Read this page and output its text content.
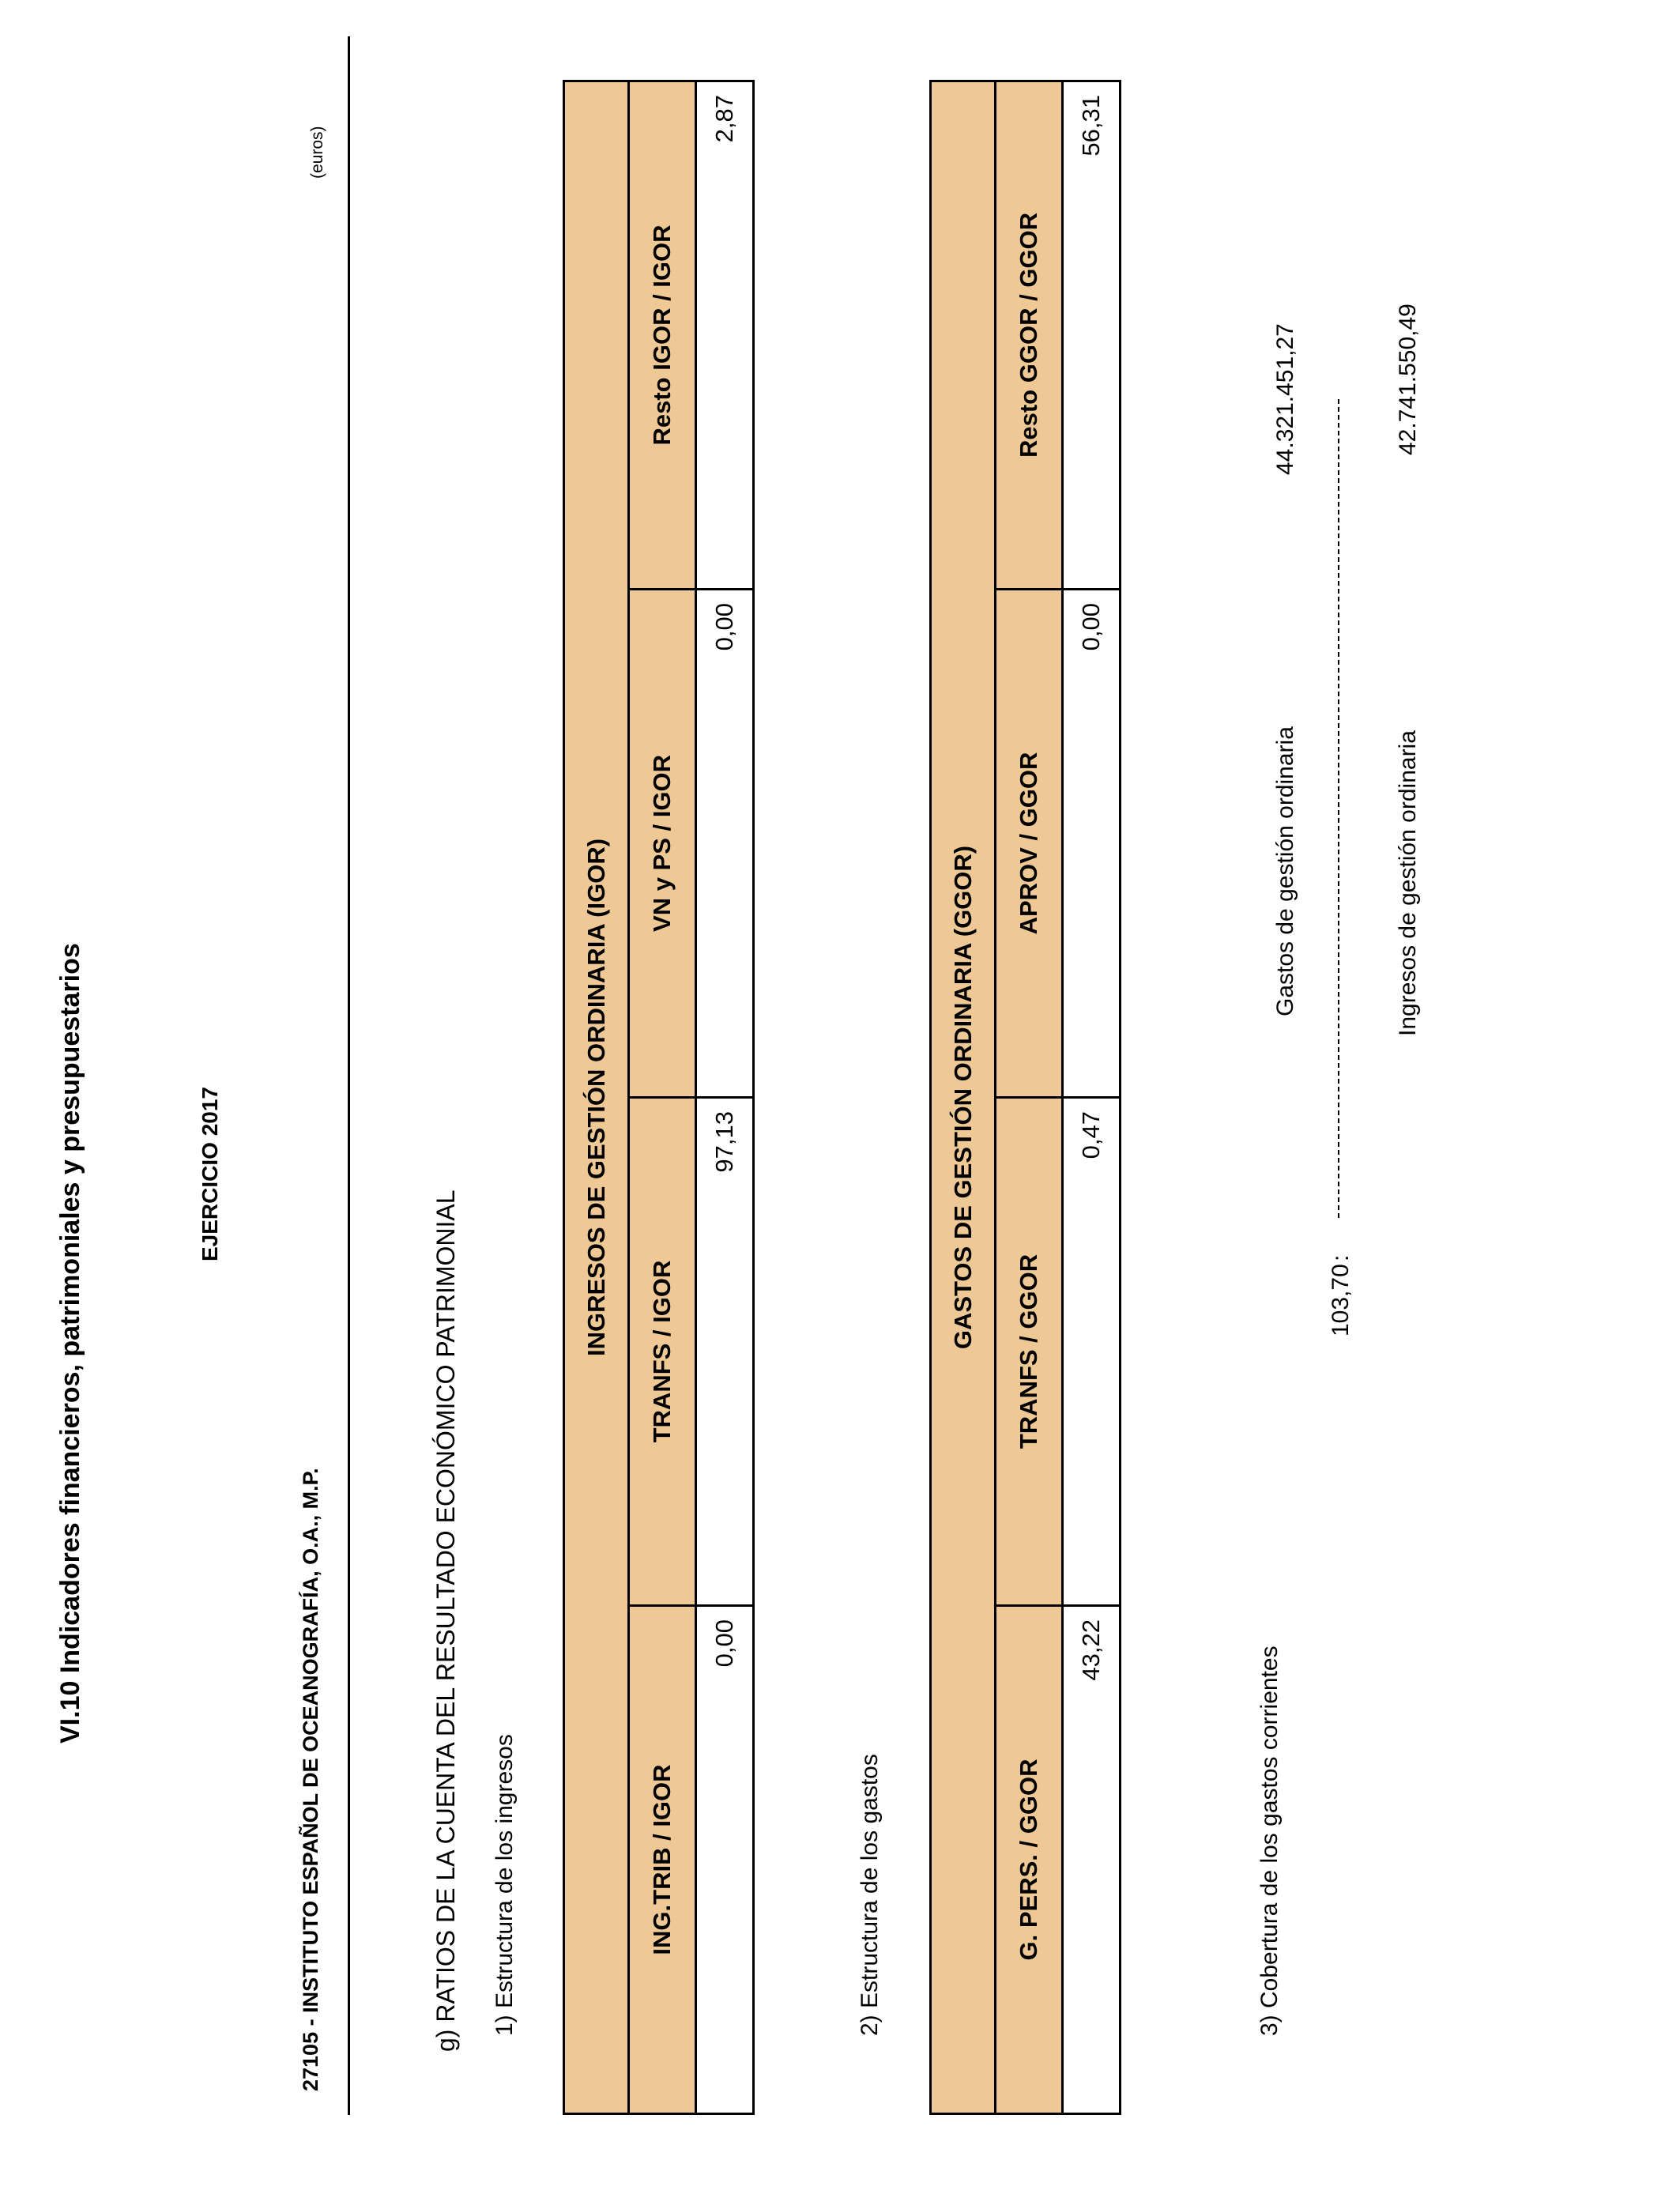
VI.10 Indicadores financieros, patrimoniales y presupuestarios	EJERCICIO 2017
27105 - INSTITUTO ESPAÑOL DE OCEANOGRAFÍA, O.A., M.P.
(euros)
g) RATIOS DE LA CUENTA DEL RESULTADO ECONÓMICO PATRIMONIAL 1) Estructura de los ingresos
INGRESOS DE GESTIÓN ORDINARIA (IGOR)			
ING.TRIB / IGOR	TRANFS / IGOR	VN y PS / IGOR	Resto IGOR / IGOR
0,00	97,13	0,00	2,87
2) Estructura de los gastos
GASTOS DE GESTIÓN ORDINARIA (GGOR)			
G. PERS. / GGOR	TRANFS / GGOR	APROV / GGOR	Resto GGOR / GGOR
43,22	0,47	0,00	56,31
3) Cobertura de los gastos corrientes
103,70
:
Gastos de gestión ordinaria
44.321.451,27
Ingresos de gestión ordinaria
42.741.550,49
